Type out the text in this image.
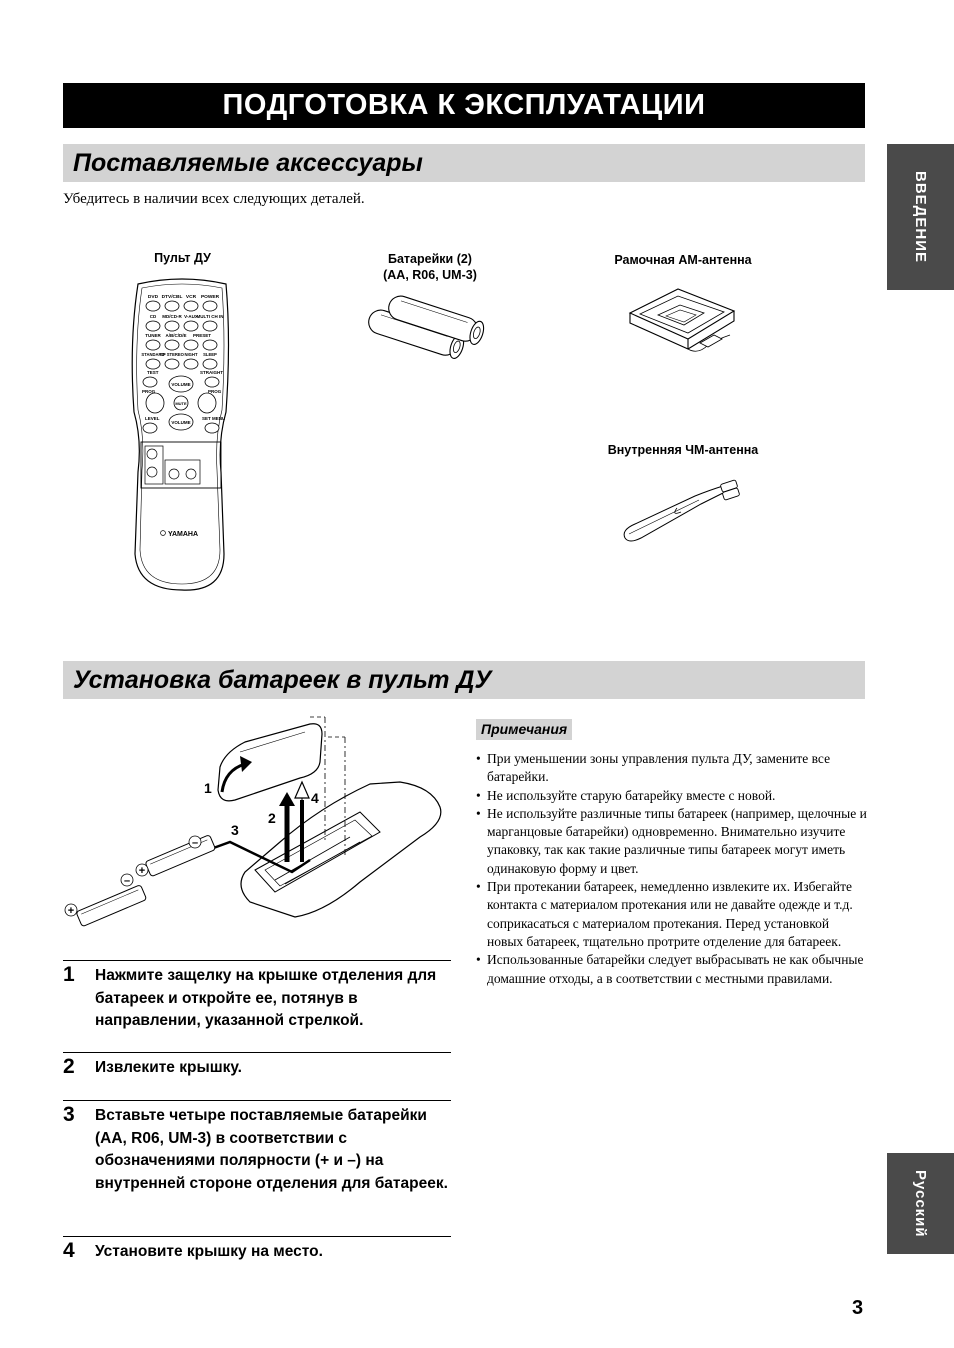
ПОДГОТОВКА К ЭКСПЛУАТАЦИИ
ВВЕДЕНИЕ
Русский
Поставляемые аксессуары
Убедитесь в наличии всех следующих деталей.
Пульт ДУ	Батарейки (2)
(AA, R06, UM-3)
Рамочная АМ-антенна
Внутренняя ЧМ-антенна
DVD DTV/CBL VCR POWER
CD MD/CD-R V-AUX
MULTI CH IN
TUNER A/B/C/D/E PRESET
STANDARD
SP STEREO NIGHT SLEEP
TEST	STRAIGHT
VOLUME
PROG	PROG
MUTE
LEVEL	SET MENU
VOLUME
YAMAHA
Установка батареек в пульт ДУ
–
+
–
+
1
2
3
4
1 Нажмите защелку на крышке отделения для батареек и откройте ее, потянув в направлении, указанной стрелкой.
2 Извлеките крышку.
3 Вставьте четыре поставляемые батарейки (AA, R06, UM-3) в соответствии с обозначениями полярности (+ и –) на внутренней стороне отделения для батареек.
4 Установите крышку на место.
Примечания
• При уменьшении зоны управления пульта ДУ, замените все батарейки.
• Не используйте старую батарейку вместе с новой.
• Не используйте различные типы батареек (например, щелочные и марганцовые батарейки) одновременно. Внимательно изучите упаковку, так как такие различные типы батареек могут иметь одинаковую форму и цвет.
• При протекании батареек, немедленно извлеките их. Избегайте контакта с материалом протекания или не давайте одежде и т.д. соприкасаться с материалом протекания. Перед установкой новых батареек, тщательно протрите отделение для батареек.
• Использованные батарейки следует выбрасывать не как обычные домашние отходы, а в соответствии с местными правилами.
3
